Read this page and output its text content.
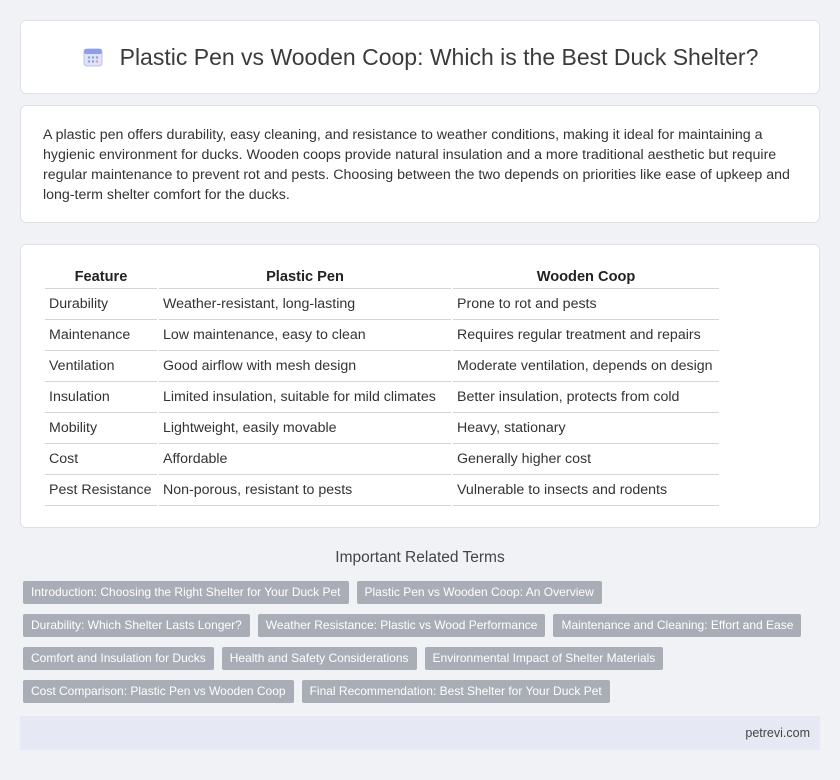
Plastic Pen vs Wooden Coop: Which is the Best Duck Shelter?

A plastic pen offers durability, easy cleaning, and resistance to weather conditions, making it ideal for maintaining a hygienic environment for ducks. Wooden coops provide natural insulation and a more traditional aesthetic but require regular maintenance to prevent rot and pests. Choosing between the two depends on priorities like ease of upkeep and long-term shelter comfort for the ducks.

Feature	Plastic Pen	Wooden Coop
Durability	Weather-resistant, long-lasting	Prone to rot and pests
Maintenance	Low maintenance, easy to clean	Requires regular treatment and repairs
Ventilation	Good airflow with mesh design	Moderate ventilation, depends on design
Insulation	Limited insulation, suitable for mild climates	Better insulation, protects from cold
Mobility	Lightweight, easily movable	Heavy, stationary
Cost	Affordable	Generally higher cost
Pest Resistance	Non-porous, resistant to pests	Vulnerable to insects and rodents
Important Related Terms
Introduction: Choosing the Right Shelter for Your Duck Pet	Plastic Pen vs Wooden Coop: An Overview
Durability: Which Shelter Lasts Longer?	Weather Resistance: Plastic vs Wood Performance	Maintenance and Cleaning: Effort and Ease
Comfort and Insulation for Ducks	Health and Safety Considerations	Environmental Impact of Shelter Materials
Cost Comparison: Plastic Pen vs Wooden Coop	Final Recommendation: Best Shelter for Your Duck Pet
petrevi.com
